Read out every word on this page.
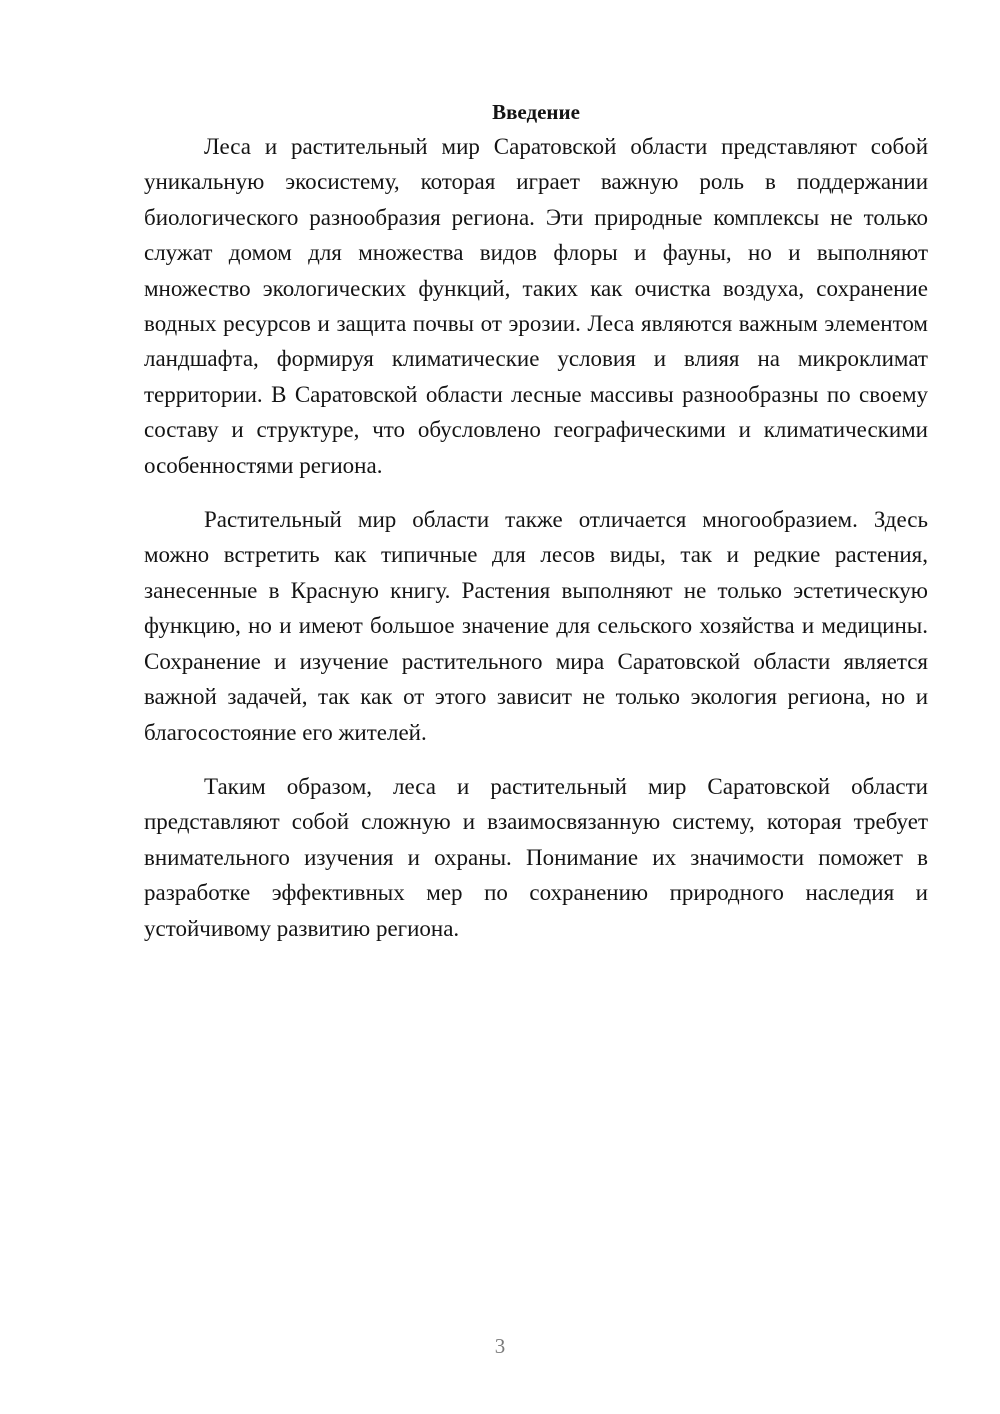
Введение

Леса и растительный мир Саратовской области представляют собой уникальную экосистему, которая играет важную роль в поддержании биологического разнообразия региона. Эти природные комплексы не только служат домом для множества видов флоры и фауны, но и выполняют множество экологических функций, таких как очистка воздуха, сохранение водных ресурсов и защита почвы от эрозии. Леса являются важным элементом ландшафта, формируя климатические условия и влияя на микроклимат территории. В Саратовской области лесные массивы разнообразны по своему составу и структуре, что обусловлено географическими и климатическими особенностями региона.

Растительный мир области также отличается многообразием. Здесь можно встретить как типичные для лесов виды, так и редкие растения, занесенные в Красную книгу. Растения выполняют не только эстетическую функцию, но и имеют большое значение для сельского хозяйства и медицины. Сохранение и изучение растительного мира Саратовской области является важной задачей, так как от этого зависит не только экология региона, но и благосостояние его жителей.

Таким образом, леса и растительный мир Саратовской области представляют собой сложную и взаимосвязанную систему, которая требует внимательного изучения и охраны. Понимание их значимости поможет в разработке эффективных мер по сохранению природного наследия и устойчивому развитию региона.

3
